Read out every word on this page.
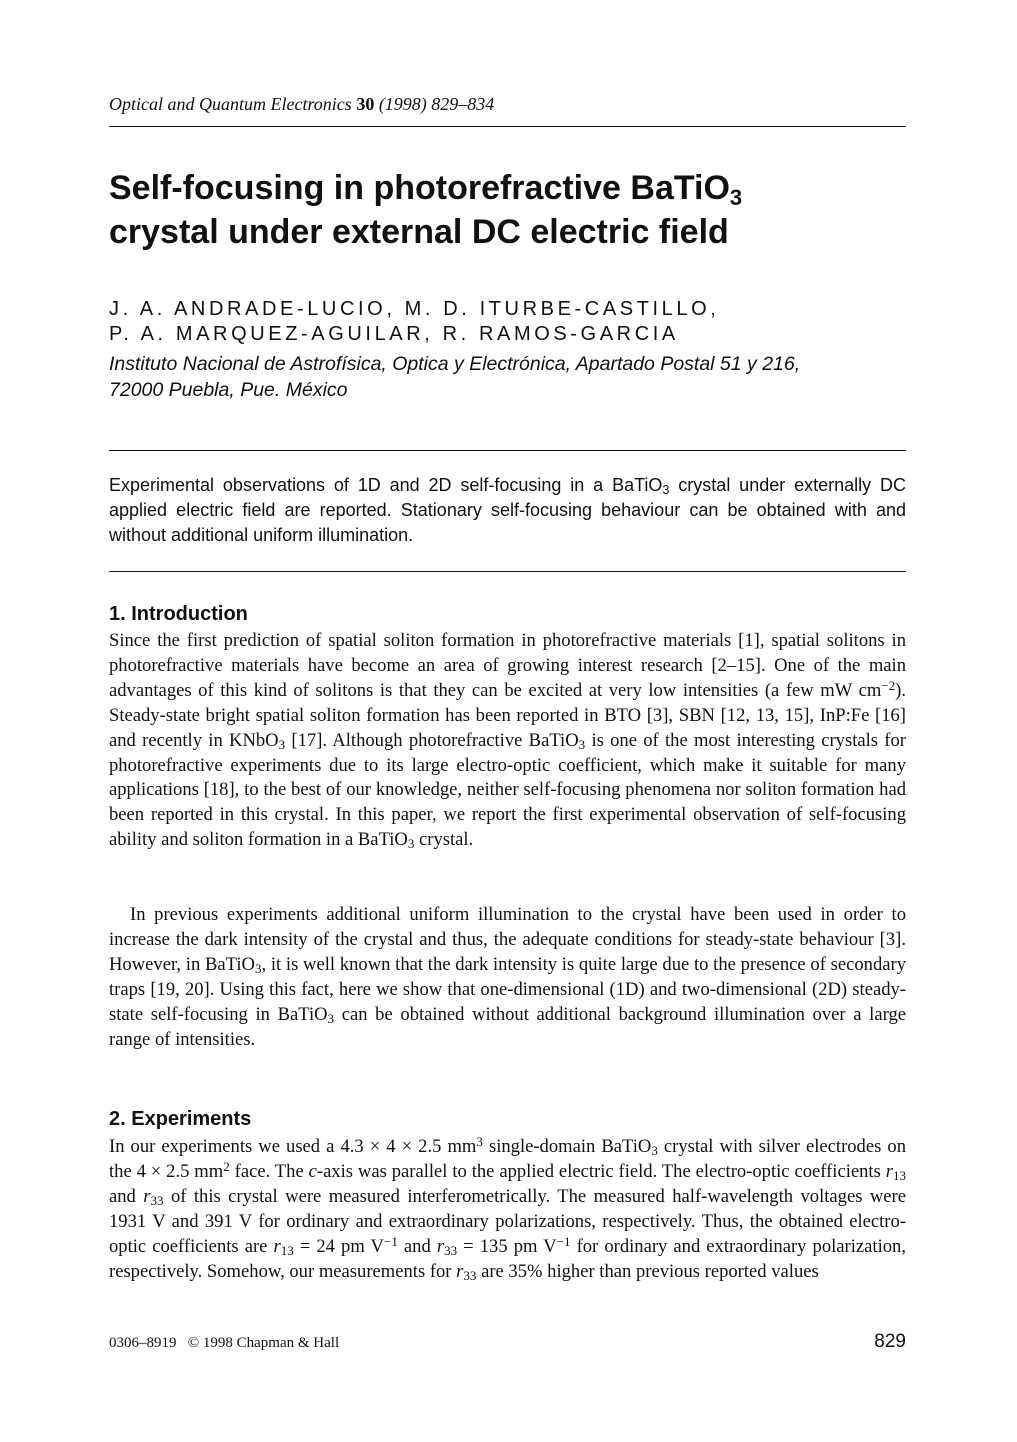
Optical and Quantum Electronics 30 (1998) 829–834
Self-focusing in photorefractive BaTiO$_3$
crystal under external DC electric field
J. A. ANDRADE-LUCIO, M. D. ITURBE-CASTILLO,
P. A. MARQUEZ-AGUILAR, R. RAMOS-GARCIA
Instituto Nacional de Astrofísica, Optica y Electrónica, Apartado Postal 51 y 216,
72000 Puebla, Pue. México
Experimental observations of 1D and 2D self-focusing in a BaTiO$_3$ crystal under externally DC applied electric field are reported. Stationary self-focusing behaviour can be obtained with and without additional uniform illumination.
1. Introduction

Since the first prediction of spatial soliton formation in photorefractive materials [1], spatial solitons in photorefractive materials have become an area of growing interest research [2–15]. One of the main advantages of this kind of solitons is that they can be excited at very low intensities (a few mW $cm^{-2}$). Steady-state bright spatial soliton formation has been reported in BTO [3], SBN [12, 13, 15], InP:Fe [16] and recently in KNbO$_3$ [17]. Although photorefractive BaTiO$_3$ is one of the most interesting crystals for photorefractive experiments due to its large electro-optic coefficient, which make it suitable for many applications [18], to the best of our knowledge, neither self-focusing phenomena nor soliton formation had been reported in this crystal. In this paper, we report the first experimental observation of self-focusing ability and soliton formation in a BaTiO$_3$ crystal.

In previous experiments additional uniform illumination to the crystal have been used in order to increase the dark intensity of the crystal and thus, the adequate conditions for steady-state behaviour [3]. However, in BaTiO$_3$, it is well known that the dark intensity is quite large due to the presence of secondary traps [19, 20]. Using this fact, here we show that one-dimensional (1D) and two-dimensional (2D) steady-state self-focusing in BaTiO$_3$ can be obtained without additional background illumination over a large range of intensities.

2. Experiments

In our experiments we used a 4.3 × 4 × 2.5 $mm^3$ single-domain BaTiO$_3$ crystal with silver electrodes on the 4 × 2.5 $mm^2$ face. The c-axis was parallel to the applied electric field. The electro-optic coefficients $r_{13}$ and $r_{33}$ of this crystal were measured interferometrically. The measured half-wavelength voltages were 1931 V and 391 V for ordinary and extraordinary polarizations, respectively. Thus, the obtained electro-optic coefficients are $r_{13} = 24$ pm $V^{-1}$ and $r_{33} = 135$ pm $V^{-1}$ for ordinary and extraordinary polarization, respectively. Somehow, our measurements for $r_{33}$ are 35% higher than previous reported values

0306–8919 © 1998 Chapman & Hall	829
